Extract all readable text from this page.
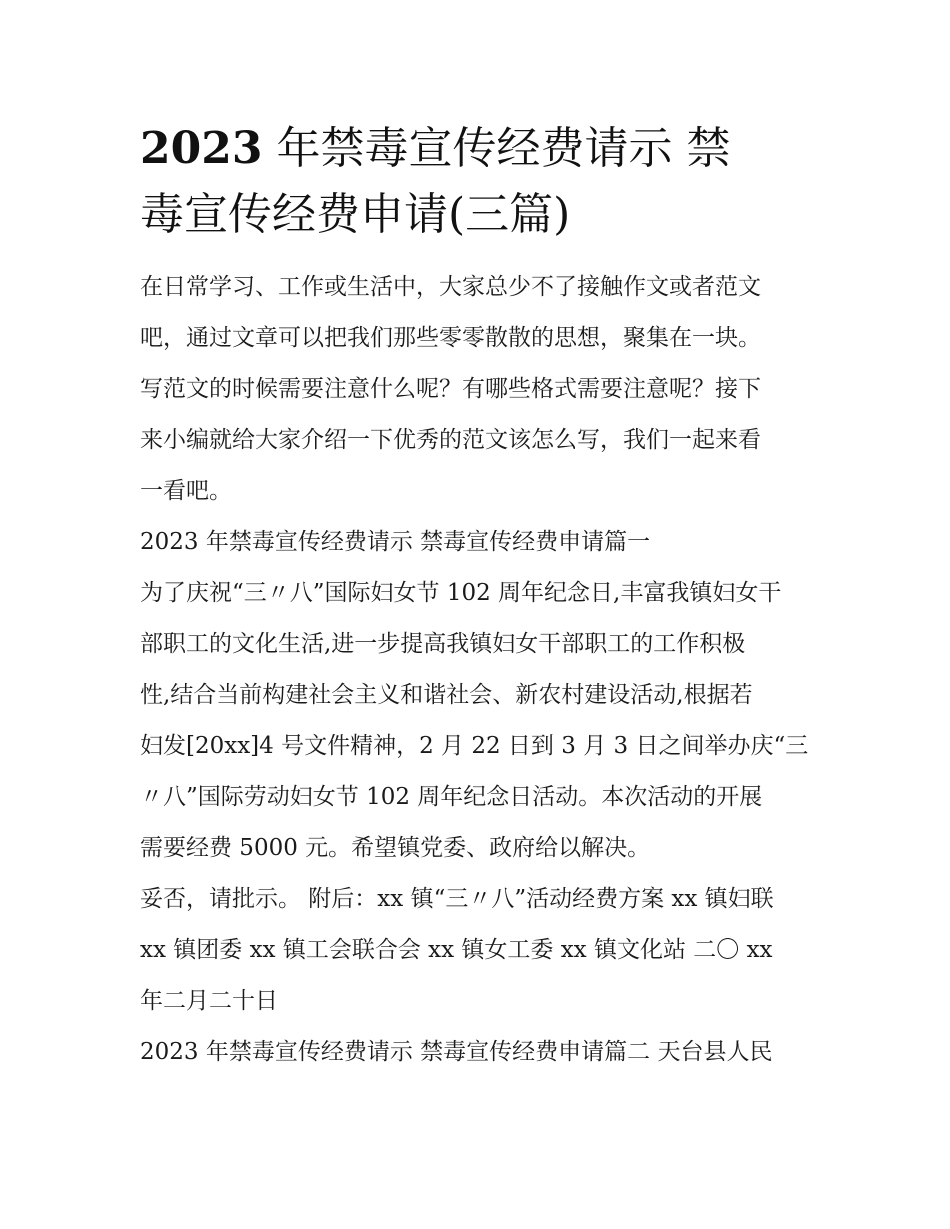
2023 年禁毒宣传经费请示 禁
毒宣传经费申请(三篇)

在日常学习、工作或生活中，大家总少不了接触作文或者范文
吧，通过文章可以把我们那些零零散散的思想，聚集在一块。
写范文的时候需要注意什么呢？有哪些格式需要注意呢？接下
来小编就给大家介绍一下优秀的范文该怎么写，我们一起来看
一看吧。

2023 年禁毒宣传经费请示 禁毒宣传经费申请篇一

为了庆祝“三〃八”国际妇女节 102 周年纪念日,丰富我镇妇女干
部职工的文化生活,进一步提高我镇妇女干部职工的工作积极
性,结合当前构建社会主义和谐社会、新农村建设活动,根据若
妇发[20xx]4 号文件精神，2 月 22 日到 3 月 3 日之间举办庆“三
〃八”国际劳动妇女节 102 周年纪念日活动。本次活动的开展
需要经费 5000 元。希望镇党委、政府给以解决。

妥否，请批示。 附后：xx 镇“三〃八”活动经费方案 xx 镇妇联
xx 镇团委 xx 镇工会联合会 xx 镇女工委 xx 镇文化站 二〇 xx
年二月二十日

2023 年禁毒宣传经费请示 禁毒宣传经费申请篇二 天台县人民
